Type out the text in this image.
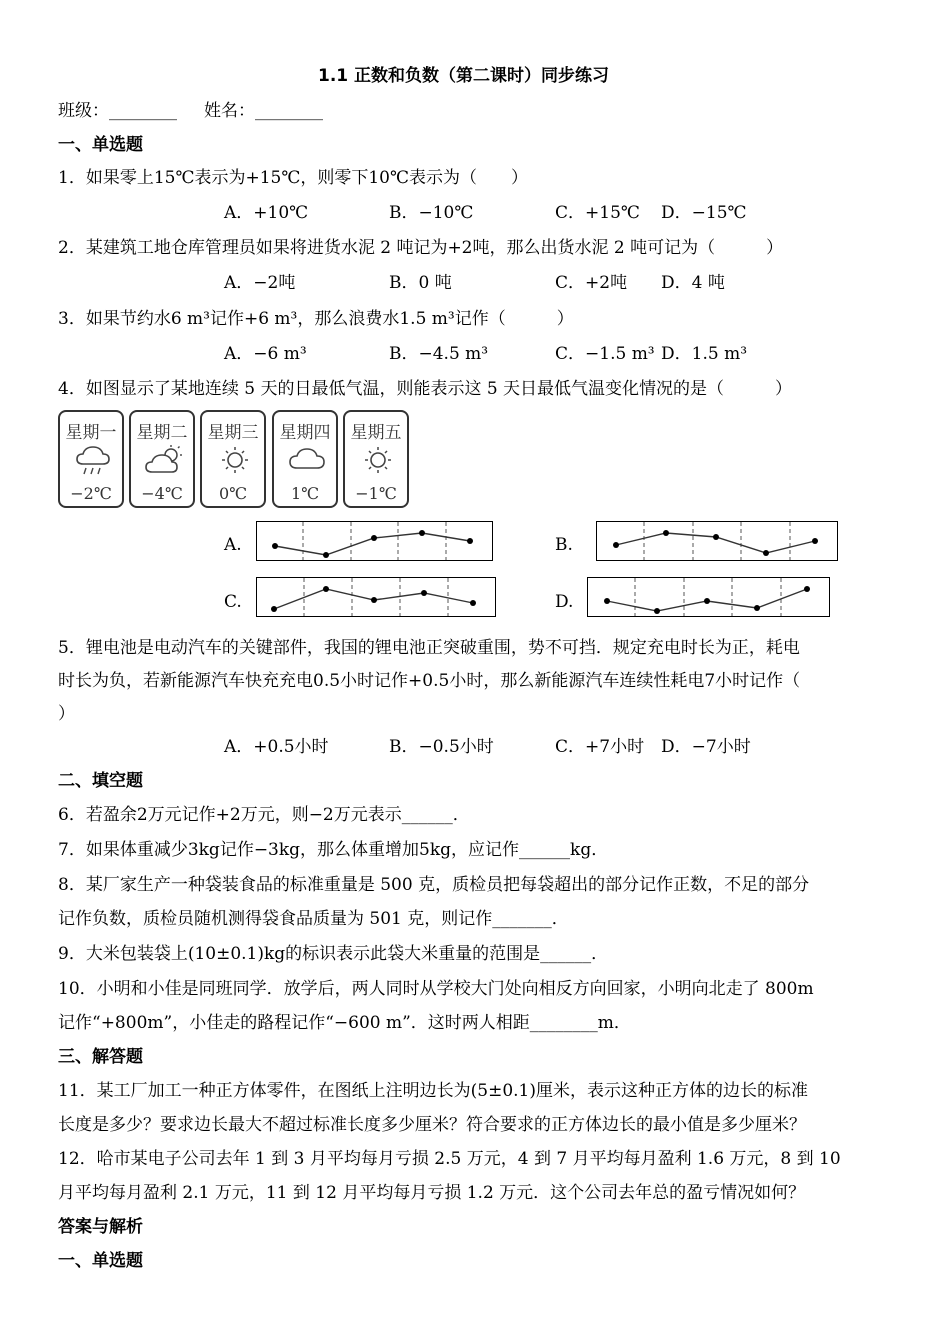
1.1 正数和负数（第二课时）同步练习
班级：________ 姓名：________
一、单选题
1．如果零上15℃表示为+15℃，则零下10℃表示为（　　）
A．+10℃	B．−10℃	C．+15℃ D．−15℃
2．某建筑工地仓库管理员如果将进货水泥 2 吨记为+2吨，那么出货水泥 2 吨可记为（　　　）
A．−2吨	B．0 吨	C．+2吨 D．4 吨
3．如果节约水6 m³记作+6 m³，那么浪费水1.5 m³记作（　　　）
A．−6 m³	B．−4.5 m³	C．−1.5 m³ D．1.5 m³
4．如图显示了某地连续 5 天的日最低气温，则能表示这 5 天日最低气温变化情况的是（　　　）
星期一
−2℃
星期二
−4℃
星期三
0℃
星期四
1℃
星期五
−1℃
A.	B.
C.	D.
5．锂电池是电动汽车的关键部件，我国的锂电池正突破重围，势不可挡．规定充电时长为正，耗电
时长为负，若新能源汽车快充充电0.5小时记作+0.5小时，那么新能源汽车连续性耗电7小时记作（
）
A．+0.5小时	B．−0.5小时	C．+7小时 D．−7小时
二、填空题
6．若盈余2万元记作+2万元，则−2万元表示______．
7．如果体重减少3kg记作−3kg，那么体重增加5kg，应记作______kg．
8．某厂家生产一种袋装食品的标准重量是 500 克，质检员把每袋超出的部分记作正数，不足的部分
记作负数，质检员随机测得袋食品质量为 501 克，则记作_______．
9．大米包装袋上(10±0.1)kg的标识表示此袋大米重量的范围是______．
10．小明和小佳是同班同学．放学后，两人同时从学校大门处向相反方向回家，小明向北走了 800m
记作“+800m”，小佳走的路程记作“−600 m”．这时两人相距________m．
三、解答题
11．某工厂加工一种正方体零件，在图纸上注明边长为(5±0.1)厘米，表示这种正方体的边长的标准
长度是多少？要求边长最大不超过标准长度多少厘米？符合要求的正方体边长的最小值是多少厘米？
12．哈市某电子公司去年 1 到 3 月平均每月亏损 2.5 万元，4 到 7 月平均每月盈利 1.6 万元，8 到 10
月平均每月盈利 2.1 万元，11 到 12 月平均每月亏损 1.2 万元．这个公司去年总的盈亏情况如何？
答案与解析
一、单选题
